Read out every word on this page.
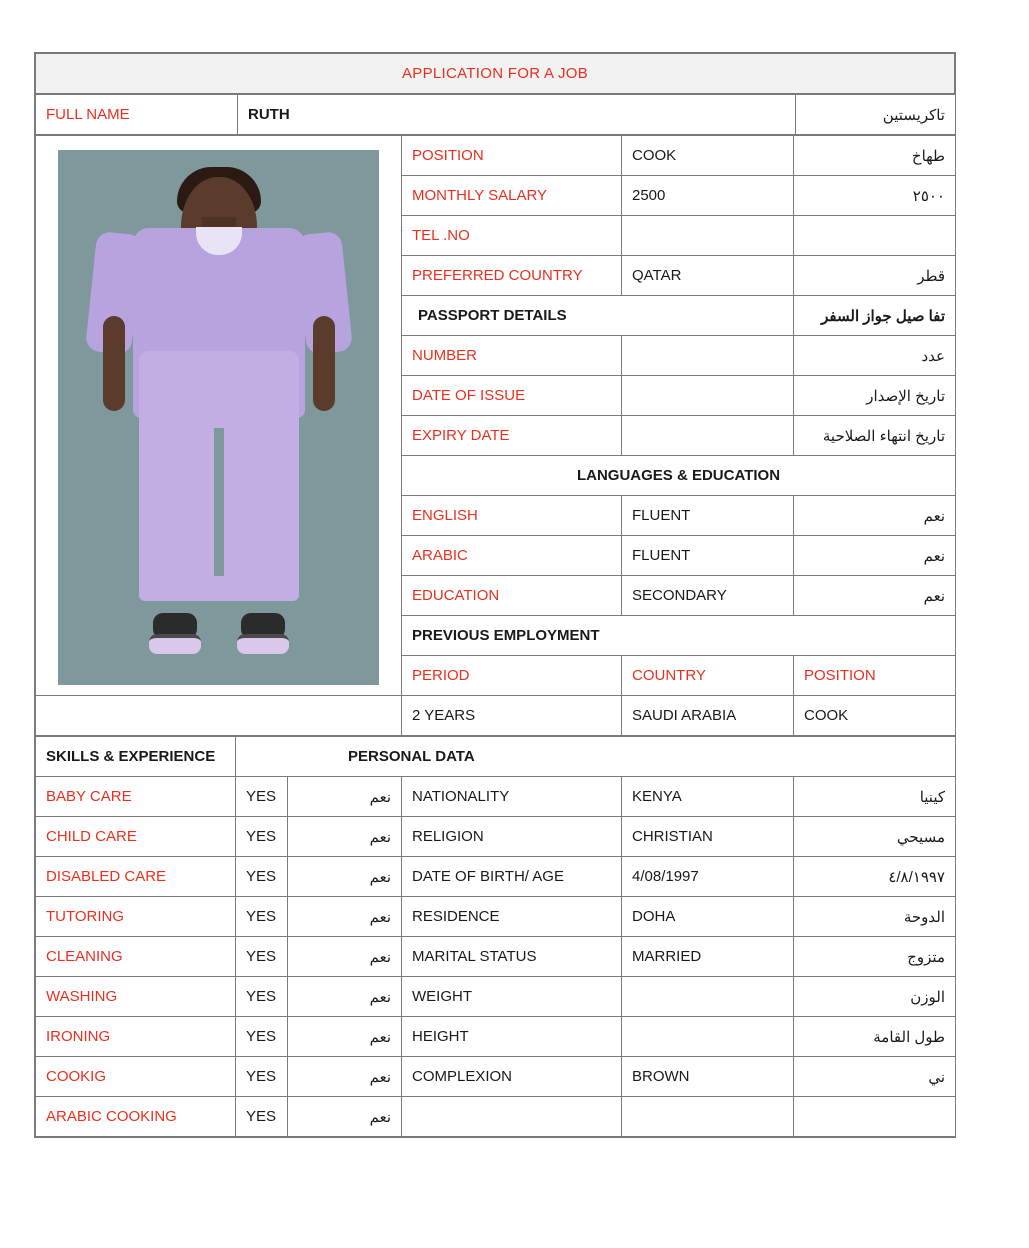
APPLICATION FOR A JOB
FULL NAME	RUTH	تاكريستين
	POSITION	COOK	طهاخ
	MONTHLY SALARY	2500	٢٥٠٠
	TEL .NO		
	PREFERRED COUNTRY	QATAR	قطر
	PASSPORT DETAILS		تفا صيل جواز السفر
	NUMBER		عدد
	DATE OF ISSUE		تاريخ الإصدار
	EXPIRY DATE		تاريخ انتهاء الصلاحية
	LANGUAGES & EDUCATION		
	ENGLISH	FLUENT	نعم
	ARABIC	FLUENT	نعم
	EDUCATION	SECONDARY	نعم
	PREVIOUS EMPLOYMENT		
	PERIOD	COUNTRY	POSITION
	2 YEARS	SAUDI ARABIA	COOK
SKILLS & EXPERIENCE	PERSONAL DATA				
BABY CARE	YES	نعم	NATIONALITY	KENYA	كينيا
CHILD CARE	YES	نعم	RELIGION	CHRISTIAN	مسيحي
DISABLED CARE	YES	نعم	DATE OF BIRTH/ AGE	4/08/1997	٤/٨/١٩٩٧
TUTORING	YES	نعم	RESIDENCE	DOHA	الدوحة
CLEANING	YES	نعم	MARITAL STATUS	MARRIED	متزوج
WASHING	YES	نعم	WEIGHT		الوزن
IRONING	YES	نعم	HEIGHT		طول القامة
COOKIG	YES	نعم	COMPLEXION	BROWN	ني
ARABIC COOKING	YES	نعم			
